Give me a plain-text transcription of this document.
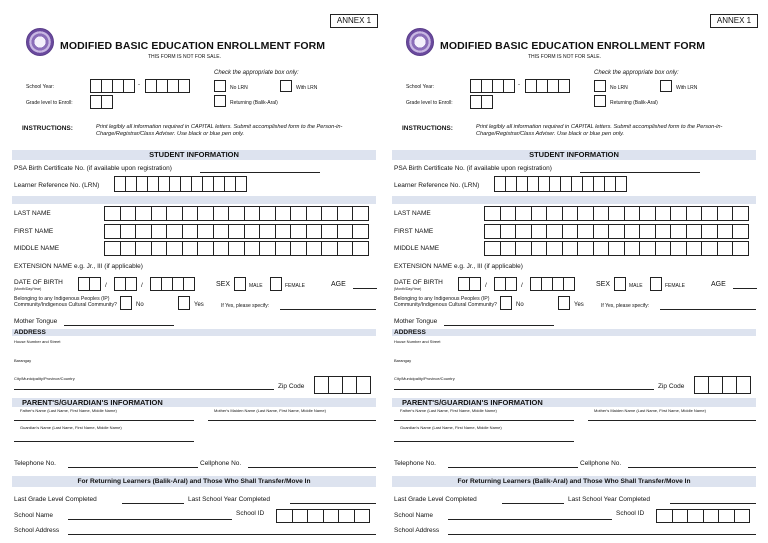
ANNEX 1
MODIFIED BASIC EDUCATION ENROLLMENT FORM
THIS FORM IS NOT FOR SALE.
Check the appropriate box only:
School Year:	-	No LRN	With LRN
Grade level to Enroll:	Returning (Balik-Aral)
INSTRUCTIONS:	Print legibly all information required in CAPITAL letters. Submit accomplished form to the Person-in-Charge/Registrar/Class Adviser. Use black or blue pen only.
STUDENT INFORMATION
PSA Birth Certificate No. (if available upon registration)
Learner Reference No. (LRN)
LAST NAME
FIRST NAME
MIDDLE NAME
EXTENSION NAME e.g. Jr., III (if applicable)
DATE OF BIRTH
(Month/Day/Year)	/	/	SEX	MALE	FEMALE	AGE
Belonging to any Indigenous Peoples (IP) Community/Indigenous Cultural Community?	No	Yes	If Yes, please specify:
Mother Tongue
ADDRESS
House Number and Street
Barangay
City/Municipality/Province/Country
Zip Code
PARENT'S/GUARDIAN'S INFORMATION
Father's Name (Last Name, First Name, Middle Name)	Mother's Maiden Name (Last Name, First Name, Middle Name)
Guardian's Name (Last Name, First Name, Middle Name)
Telephone No.	Cellphone No.
For Returning Learners (Balik-Aral) and Those Who Shall Transfer/Move In
Last Grade Level Completed	Last School Year Completed
School Name	School ID
School Address
ANNEX 1
MODIFIED BASIC EDUCATION ENROLLMENT FORM
THIS FORM IS NOT FOR SALE.
Check the appropriate box only:
School Year:	-	No LRN	With LRN
Grade level to Enroll:	Returning (Balik-Aral)
INSTRUCTIONS:	Print legibly all information required in CAPITAL letters. Submit accomplished form to the Person-in-Charge/Registrar/Class Adviser. Use black or blue pen only.
STUDENT INFORMATION
PSA Birth Certificate No. (if available upon registration)
Learner Reference No. (LRN)
LAST NAME
FIRST NAME
MIDDLE NAME
EXTENSION NAME e.g. Jr., III (if applicable)
DATE OF BIRTH
(Month/Day/Year)	/	/	SEX	MALE	FEMALE	AGE
Belonging to any Indigenous Peoples (IP) Community/Indigenous Cultural Community?	No	Yes	If Yes, please specify:
Mother Tongue
ADDRESS
House Number and Street
Barangay
City/Municipality/Province/Country
Zip Code
PARENT'S/GUARDIAN'S INFORMATION
Father's Name (Last Name, First Name, Middle Name)	Mother's Maiden Name (Last Name, First Name, Middle Name)
Guardian's Name (Last Name, First Name, Middle Name)
Telephone No.	Cellphone No.
For Returning Learners (Balik-Aral) and Those Who Shall Transfer/Move In
Last Grade Level Completed	Last School Year Completed
School Name	School ID
School Address
